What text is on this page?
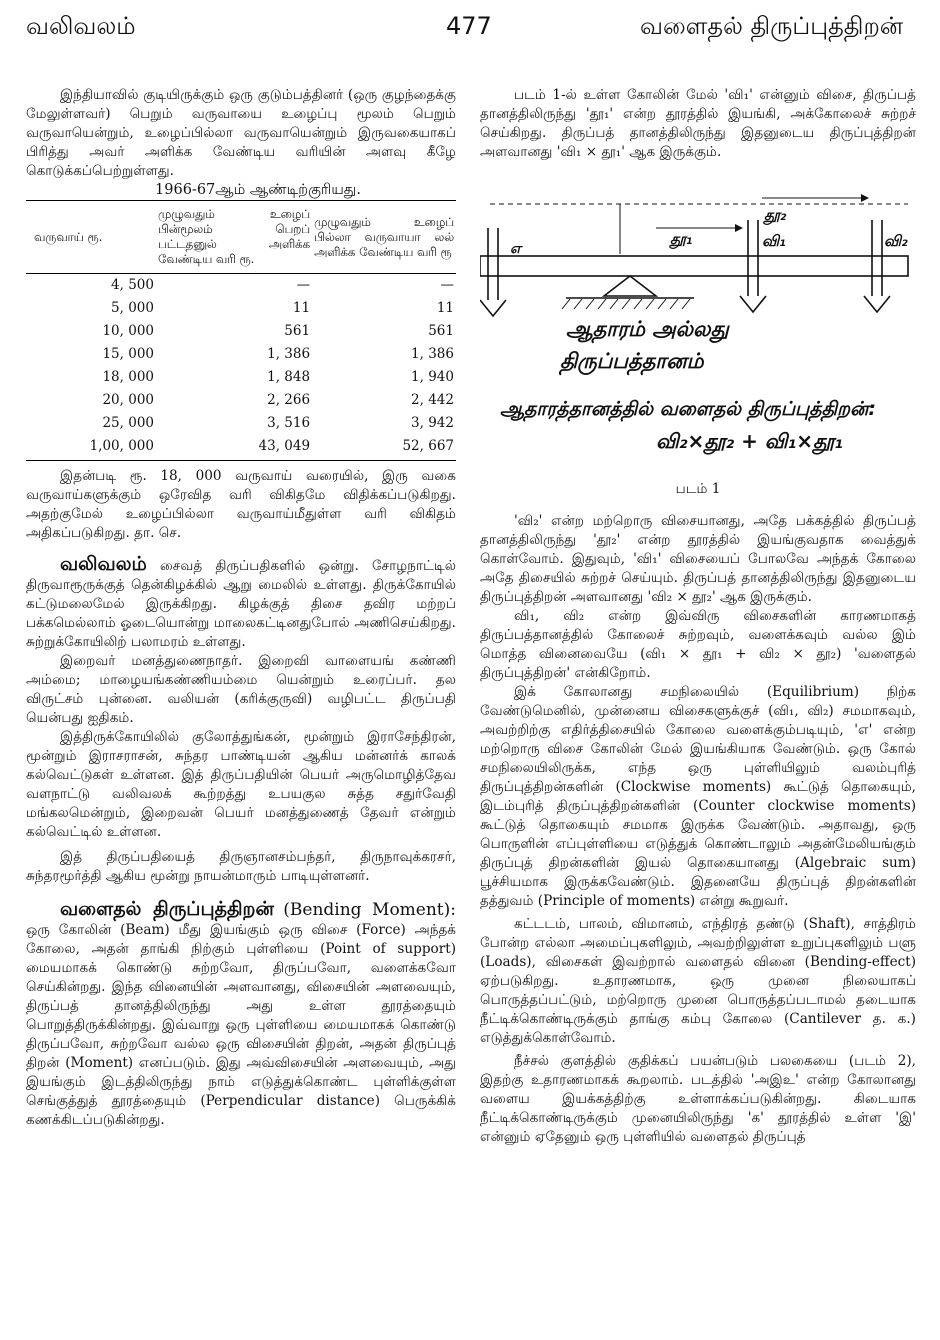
வலிவலம்	477	வளைதல் திருப்புத்திறன்

இந்தியாவில் குடியிருக்கும் ஒரு குடும்பத்தினர் (ஒரு குழந்தைக்கு மேலுள்ளவர்) பெறும் வருவாயை உழைப்பு மூலம் பெறும் வருவாயென்றும், உழைப்பில்லா வருவாயென்றும் இருவகையாகப் பிரித்து அவர் அளிக்க வேண்டிய வரியின் அளவு கீழே கொடுக்கப்பெற்றுள்ளது.

1966-67ஆம் ஆண்டிற்குரியது.

வருவாய் ரூ.	முழுவதும் உழைப் பின்மூலம் பெறப் பட்டதனுல் அளிக்க வேண்டிய வரி ரூ.	முழுவதும் உழைப் பில்லா வருவாயா லல் அளிக்க வேண்டிய வரி ரூ
4, 500	—	—
5, 000	11	11
10, 000	561	561
15, 000	1, 386	1, 386
18, 000	1, 848	1, 940
20, 000	2, 266	2, 442
25, 000	3, 516	3, 942
1,00, 000	43, 049	52, 667

இதன்படி ரூ. 18, 000 வருவாய் வரையில், இரு வகை வருவாய்களுக்கும் ஒரேவித வரி விகிதமே விதிக்கப்படுகிறது. அதற்குமேல் உழைப்பில்லா வருவாய்மீதுள்ள வரி விகிதம் அதிகப்படுகிறது. தா. செ.

வலிவலம் சைவத் திருப்பதிகளில் ஒன்று. சோழநாட்டில் திருவாரூருக்குத் தென்கிழக்கில் ஆறு மைலில் உள்ளது. திருக்கோயில் கட்டுமலைமேல் இருக்கிறது. கிழக்குத் திசை தவிர மற்றப் பக்கமெல்லாம் ஓடையொன்று மாலைகட்டினதுபோல் அணிசெய்கிறது. சுற்றுக்கோயிலிற் பலாமரம் உள்ளது.

இறைவர் மனத்துணைநாதர். இறைவி வாளையங் கண்ணி அம்மை; மாழையங்கண்ணியம்மை யென்றும் உரைப்பர். தல விருட்சம் புன்னை. வலியன் (கரிக்குருவி) வழிபட்ட திருப்பதி யென்பது ஐதிகம்.

இத்திருக்கோயிலில் குலோத்துங்கன், மூன்றும் இராசேந்திரன், மூன்றும் இராசராசன், சுந்தர பாண்டியன் ஆகிய மன்னர்க் காலக் கல்வெட்டுகள் உள்ளன. இத் திருப்பதியின் பெயர் அருமொழித்தேவ வளநாட்டு வலிவலக் கூற்றத்து உபயகுல சுத்த சதுர்வேதி மங்கலமென்றும், இறைவன் பெயர் மனத்துணைத் தேவர் என்றும் கல்வெட்டில் உள்ளன.

இத் திருப்பதியைத் திருஞானசம்பந்தர், திருநாவுக்கரசர், சுந்தரமூர்த்தி ஆகிய மூன்று நாயன்மாரும் பாடியுள்ளனர்.

வளைதல் திருப்புத்திறன் (Bending Moment): ஒரு கோலின் (Beam) மீது இயங்கும் ஒரு விசை (Force) அந்தக் கோலை, அதன் தாங்கி நிற்கும் புள்ளியை (Point of support) மையமாகக் கொண்டு சுற்றவோ, திருப்பவோ, வளைக்கவோ செய்கின்றது. இந்த வினையின் அளவானது, விசையின் அளவையும், திருப்பத் தானத்திலிருந்து அது உள்ள தூரத்தையும் பொறுத்திருக்கின்றது. இவ்வாறு ஒரு புள்ளியை மையமாகக் கொண்டு திருப்பவோ, சுற்றவோ வல்ல ஒரு விசையின் திறன், அதன் திருப்புத் திறன் (Moment) எனப்படும். இது அவ்விசையின் அளவையும், அது இயங்கும் இடத்திலிருந்து நாம் எடுத்துக்கொண்ட புள்ளிக்குள்ள செங்குத்துத் தூரத்தையும் (Perpendicular distance) பெருக்கிக் கணக்கிடப்படுகின்றது.

படம் 1-ல் உள்ள கோலின் மேல் 'வி₁' என்னும் விசை, திருப்பத் தானத்திலிருந்து 'தூ₁' என்ற தூரத்தில் இயங்கி, அக்கோலைச் சுற்றச் செய்கிறது. திருப்பத் தானத்திலிருந்து இதனுடைய திருப்புத்திறன் அளவானது 'வி₁ × தூ₁' ஆக இருக்கும்.

எ
தூ₁
தூ₂
வி₁	வி₂
ஆதாரம் அல்லது
திருப்பத்தானம்
ஆதாரத்தானத்தில் வளைதல் திருப்புத்திறன்:
வி₂×தூ₂ + வி₁×தூ₁
படம் 1

'வி₂' என்ற மற்றொரு விசையானது, அதே பக்கத்தில் திருப்பத் தானத்திலிருந்து 'தூ₂' என்ற தூரத்தில் இயங்குவதாக வைத்துக் கொள்வோம். இதுவும், 'வி₁' விசையைப் போலவே அந்தக் கோலை அதே திசையில் சுற்றச் செய்யும். திருப்பத் தானத்திலிருந்து இதனுடைய திருப்புத்திறன் அளவானது 'வி₂ × தூ₂' ஆக இருக்கும்.

வி₁, வி₂ என்ற இவ்விரு விசைகளின் காரணமாகத் திருப்பத்தானத்தில் கோலைச் சுற்றவும், வளைக்கவும் வல்ல இம் மொத்த வினைவையே (வி₁ × தூ₁ + வி₂ × தூ₂) 'வளைதல் திருப்புத்திறன்' என்கிறோம்.

இக் கோலானது சமநிலையில் (Equilibrium) நிற்க வேண்டுமெனில், முன்னைய விசைகளுக்குச் (வி₁, வி₂) சமமாகவும், அவற்றிற்கு எதிர்த்திசையில் கோலை வளைக்கும்படியும், 'எ' என்ற மற்றொரு விசை கோலின் மேல் இயங்கியாக வேண்டும். ஒரு கோல் சமநிலையிலிருக்க, எந்த ஒரு புள்ளியிலும் வலம்புரித் திருப்புத்திறன்களின் (Clockwise moments) கூட்டுத் தொகையும், இடம்புரித் திருப்புத்திறன்களின் (Counter clockwise moments) கூட்டுத் தொகையும் சமமாக இருக்க வேண்டும். அதாவது, ஒரு பொருளின் எப்புள்ளியை எடுத்துக் கொண்டாலும் அதன்மேலியங்கும் திருப்புத் திறன்களின் இயல் தொகையானது (Algebraic sum) பூச்சியமாக இருக்கவேண்டும். இதனையே திருப்புத் திறன்களின் தத்துவம் (Principle of moments) என்று கூறுவர்.

கட்டடம், பாலம், விமானம், எந்திரத் தண்டு (Shaft), சாத்திரம் போன்ற எல்லா அமைப்புகளிலும், அவற்றிலுள்ள உறுப்புகளிலும் பளு (Loads), விசைகள் இவற்றால் வளைதல் வினை (Bending-effect) ஏற்படுகிறது. உதாரணமாக, ஒரு முனை நிலையாகப் பொருத்தப்பட்டும், மற்றொரு முனை பொருத்தப்படாமல் தடையாக நீட்டிக்கொண்டிருக்கும் தாங்கு கம்பு கோலை (Cantilever த. க.) எடுத்துக்கொள்வோம்.

நீச்சல் குளத்தில் குதிக்கப் பயன்படும் பலகையை (படம் 2), இதற்கு உதாரணமாகக் கூறலாம். படத்தில் 'அஇஉ' என்ற கோலானது வளைய இயக்கத்திற்கு உள்ளாக்கப்படுகின்றது. கிடையாக நீட்டிக்கொண்டிருக்கும் முனையிலிருந்து 'க' தூரத்தில் உள்ள 'இ' என்னும் ஏதேனும் ஒரு புள்ளியில் வளைதல் திருப்புத்
